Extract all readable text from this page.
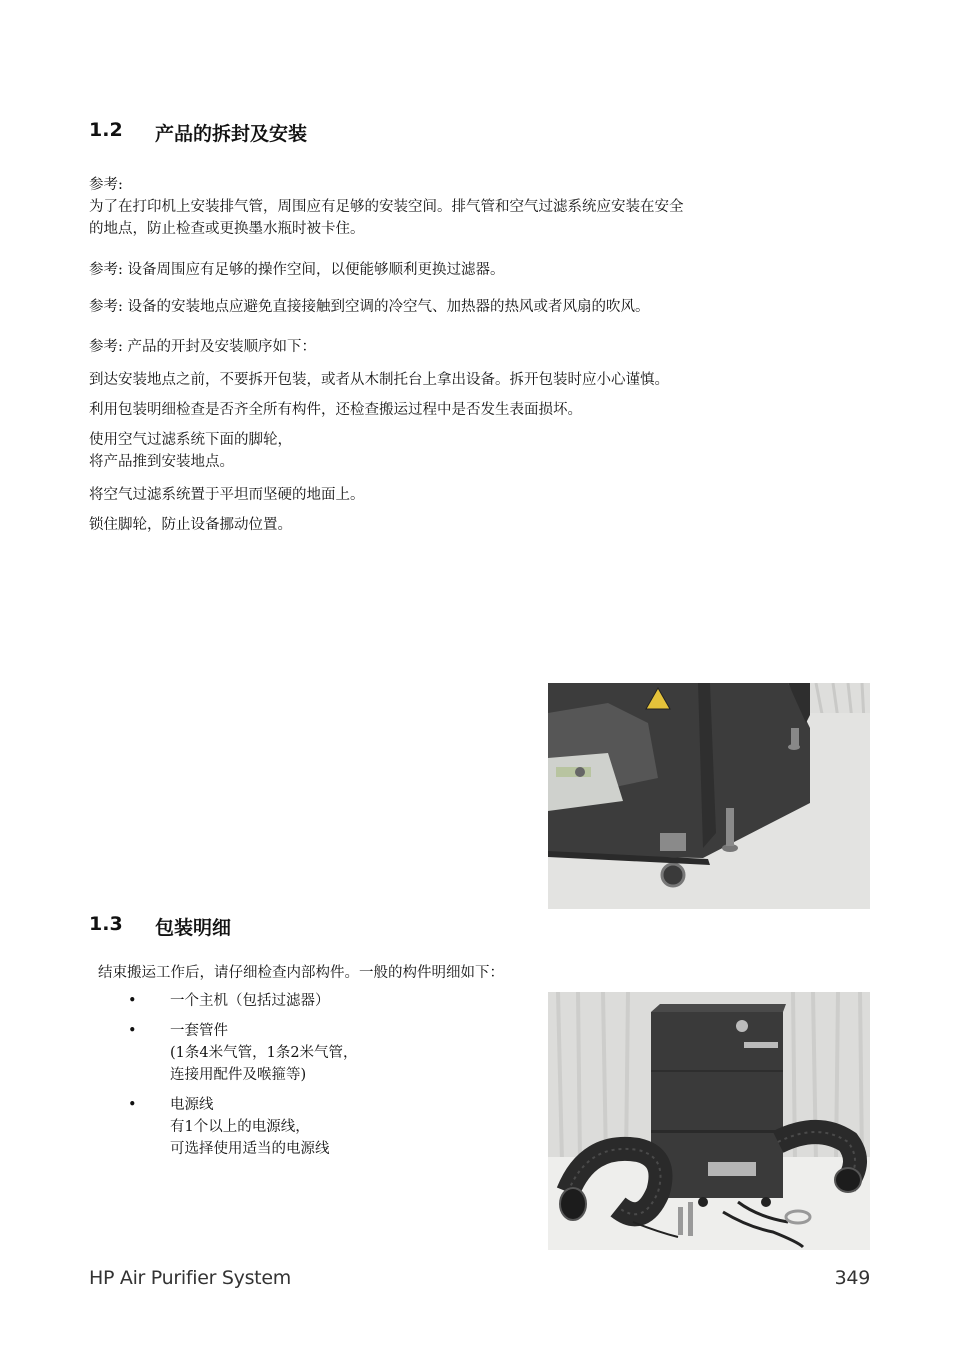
1.2	产品的拆封及安装
参考:
为了在打印机上安装排气管，周围应有足够的安装空间。排气管和空气过滤系统应安装在安全
的地点，防止检查或更换墨水瓶时被卡住。
参考: 设备周围应有足够的操作空间，以便能够顺利更换过滤器。
参考: 设备的安装地点应避免直接接触到空调的冷空气、加热器的热风或者风扇的吹风。
参考: 产品的开封及安装顺序如下：
到达安装地点之前，不要拆开包装，或者从木制托台上拿出设备。拆开包装时应小心谨慎。
利用包装明细检查是否齐全所有构件，还检查搬运过程中是否发生表面损坏。
使用空气过滤系统下面的脚轮，
将产品推到安装地点。
将空气过滤系统置于平坦而坚硬的地面上。
锁住脚轮，防止设备挪动位置。
1.3	包装明细
结束搬运工作后，请仔细检查内部构件。一般的构件明细如下：
•	一个主机（包括过滤器）
•	一套管件
(1条4米气管，1条2米气管，
连接用配件及喉箍等)
•	电源线
有1个以上的电源线，
可选择使用适当的电源线
HP Air Purifier System	349
